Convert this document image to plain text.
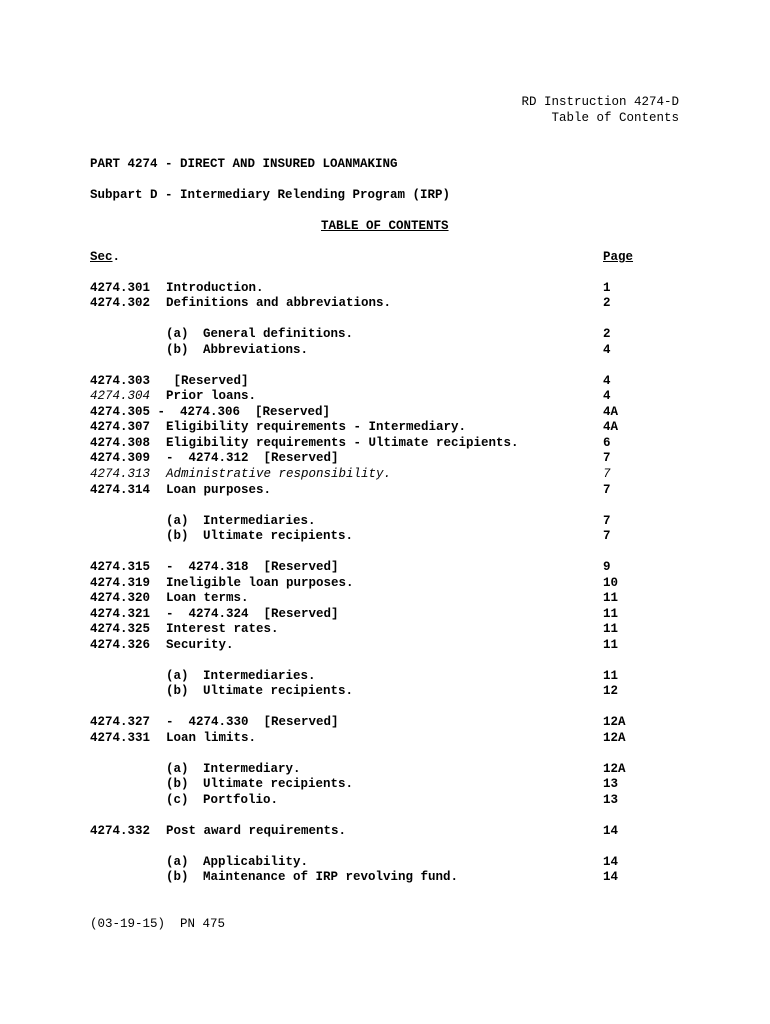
RD Instruction 4274-D
Table of Contents
PART 4274 - DIRECT AND INSURED LOANMAKING
Subpart D - Intermediary Relending Program (IRP)
TABLE OF CONTENTS
Sec.	Page
4274.301 Introduction.	1
4274.302 Definitions and abbreviations.	2
(a) General definitions.	2
(b) Abbreviations.	4
4274.303 [Reserved]	4
4274.304 Prior loans.	4
4274.305 -  4274.306  [Reserved]	4A
4274.307 Eligibility requirements - Intermediary.	4A
4274.308 Eligibility requirements - Ultimate recipients.	6
4274.309 -  4274.312  [Reserved]	7
4274.313 Administrative responsibility.	7
4274.314 Loan purposes.	7
(a) Intermediaries.	7
(b) Ultimate recipients.	7
4274.315 -  4274.318  [Reserved]	9
4274.319 Ineligible loan purposes.	10
4274.320 Loan terms.	11
4274.321 -  4274.324  [Reserved]	11
4274.325 Interest rates.	11
4274.326 Security.	11
(a) Intermediaries.	11
(b) Ultimate recipients.	12
4274.327 -  4274.330  [Reserved]	12A
4274.331 Loan limits.	12A
(a) Intermediary.	12A
(b) Ultimate recipients.	13
(c) Portfolio.	13
4274.332 Post award requirements.	14
(a) Applicability.	14
(b) Maintenance of IRP revolving fund.	14
(03-19-15)  PN 475
